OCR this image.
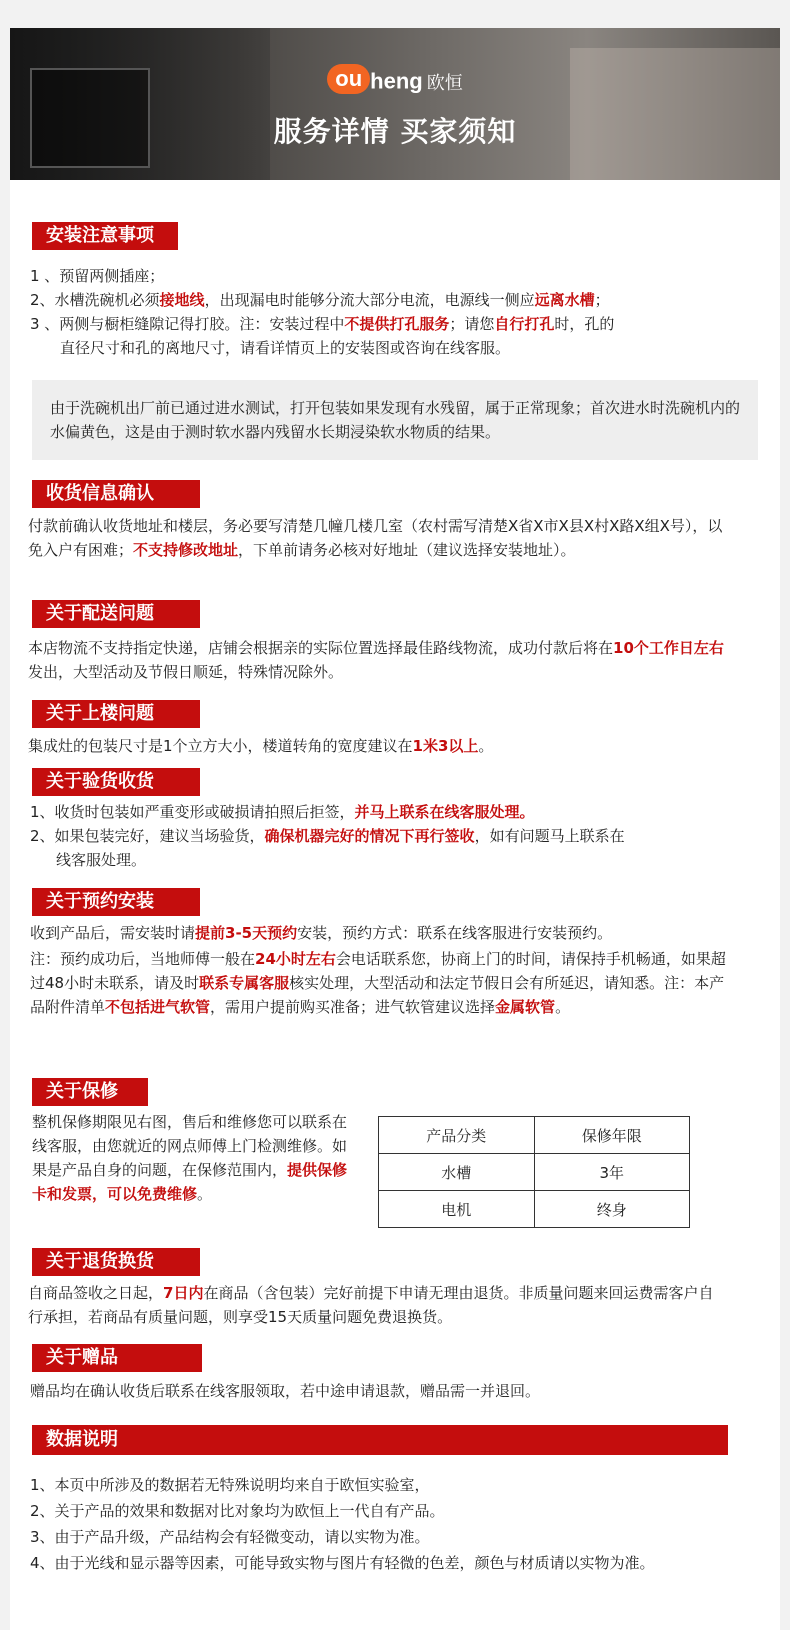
ou heng 欧恒
服务详情 买家须知
安装注意事项
1 、预留两侧插座；
2、水槽洗碗机必须接地线，出现漏电时能够分流大部分电流，电源线一侧应远离水槽；
3 、两侧与橱柜缝隙记得打胶。注：安装过程中不提供打孔服务；请您自行打孔时，孔的
直径尺寸和孔的离地尺寸，请看详情页上的安装图或咨询在线客服。
由于洗碗机出厂前已通过进水测试，打开包装如果发现有水残留，属于正常现象；首次进水时洗碗机内的水偏黄色，这是由于测时软水器内残留水长期浸染软水物质的结果。
收货信息确认
付款前确认收货地址和楼层，务必要写清楚几幢几楼几室（农村需写清楚X省X市X县X村X路X组X号），以免入户有困难；不支持修改地址，下单前请务必核对好地址（建议选择安装地址）。
关于配送问题
本店物流不支持指定快递，店铺会根据亲的实际位置选择最佳路线物流，成功付款后将在10个工作日左右发出，大型活动及节假日顺延，特殊情况除外。
关于上楼问题
集成灶的包装尺寸是1个立方大小，楼道转角的宽度建议在1米3以上。
关于验货收货
1、收货时包装如严重变形或破损请拍照后拒签，并马上联系在线客服处理。
2、如果包装完好，建议当场验货，确保机器完好的情况下再行签收，如有问题马上联系在
线客服处理。
关于预约安装
收到产品后，需安装时请提前3-5天预约安装，预约方式：联系在线客服进行安装预约。
注：预约成功后，当地师傅一般在24小时左右会电话联系您，协商上门的时间，请保持手机畅通，如果超过48小时未联系，请及时联系专属客服核实处理，大型活动和法定节假日会有所延迟，请知悉。注：本产品附件清单不包括进气软管，需用户提前购买准备；进气软管建议选择金属软管。
关于保修
整机保修期限见右图，售后和维修您可以联系在线客服，由您就近的网点师傅上门检测维修。如果是产品自身的问题，在保修范围内，提供保修卡和发票，可以免费维修。
产品分类	保修年限
水槽	3年
电机	终身
关于退货换货
自商品签收之日起，7日内在商品（含包装）完好前提下申请无理由退货。非质量问题来回运费需客户自行承担，若商品有质量问题，则享受15天质量问题免费退换货。
关于赠品
赠品均在确认收货后联系在线客服领取，若中途申请退款，赠品需一并退回。
数据说明
1、本页中所涉及的数据若无特殊说明均来自于欧恒实验室，
2、关于产品的效果和数据对比对象均为欧恒上一代自有产品。
3、由于产品升级，产品结构会有轻微变动，请以实物为准。
4、由于光线和显示器等因素，可能导致实物与图片有轻微的色差，颜色与材质请以实物为准。
